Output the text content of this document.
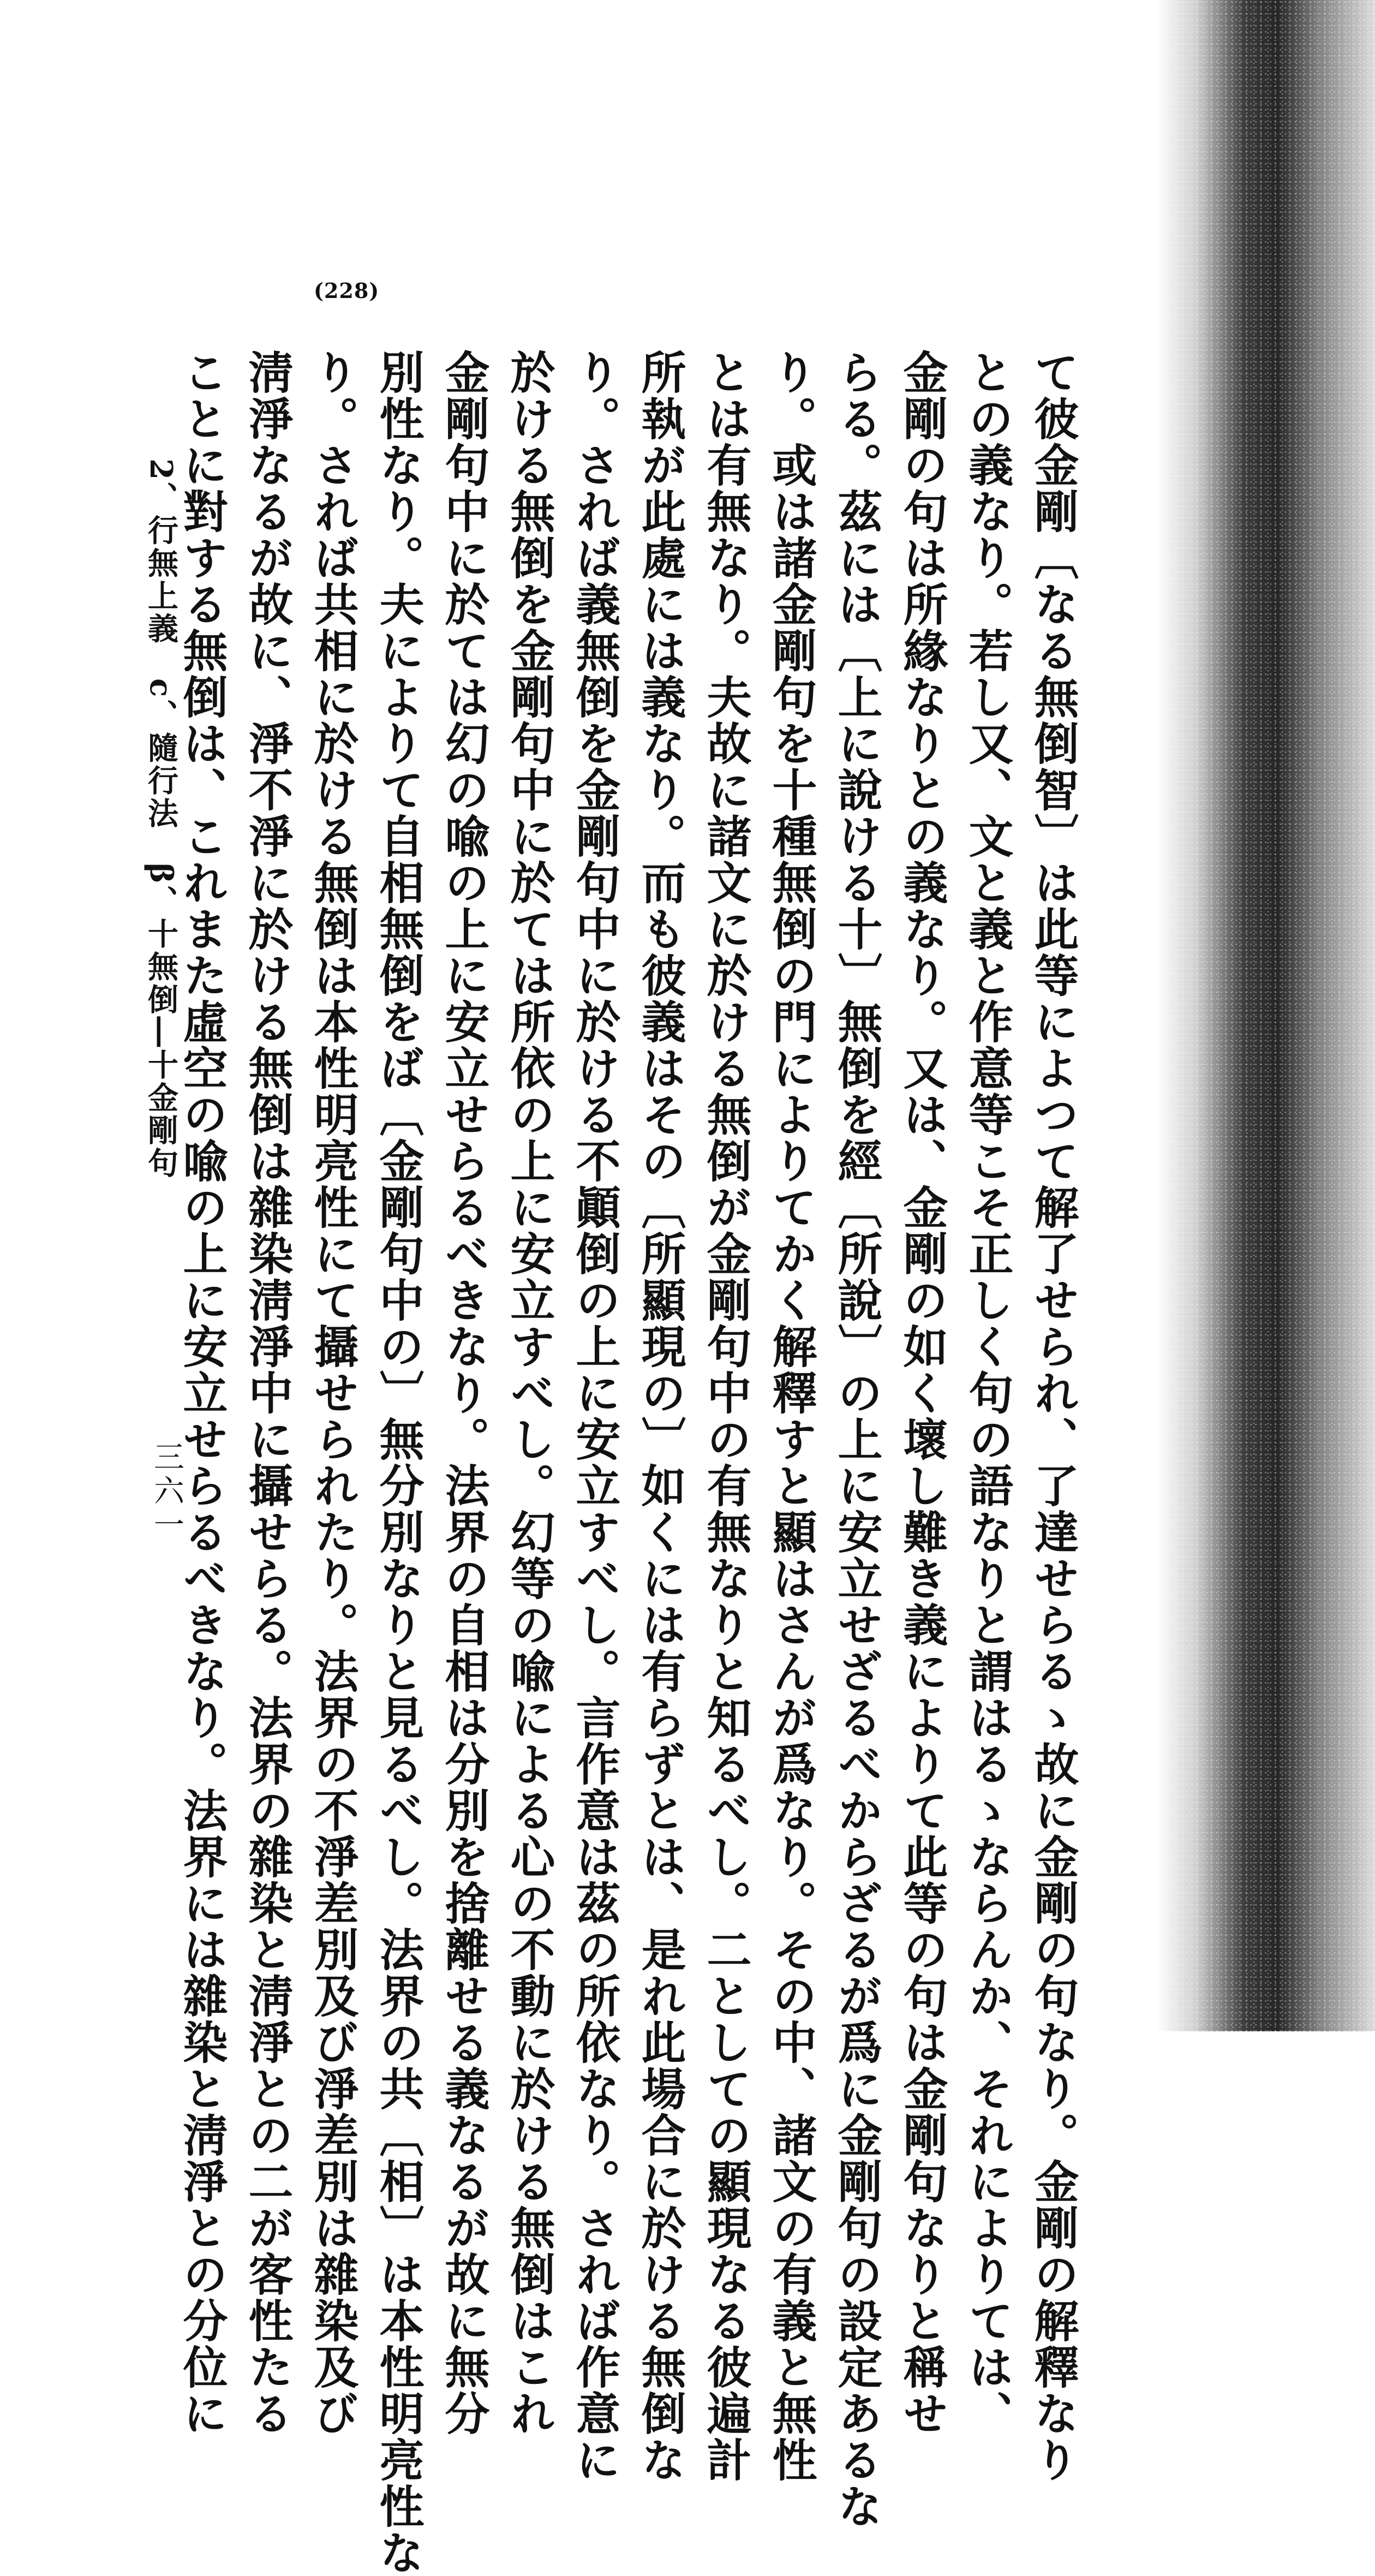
(228)
て彼金剛〔なる無倒智〕は此等によつて解了せられ、了達せらるゝ故に金剛の句なり。金剛の解釋なり
との義なり。若し又、文と義と作意等こそ正しく句の語なりと謂はるゝならんか、それによりては、
金剛の句は所緣なりとの義なり。又は、金剛の如く壞し難き義によりて此等の句は金剛句なりと稱せ
らる。茲には〔上に說ける十〕無倒を經〔所說〕の上に安立せざるべからざるが爲に金剛句の設定あるな
り。或は諸金剛句を十種無倒の門によりてかく解釋すと顯はさんが爲なり。その中、諸文の有義と無性
とは有無なり。夫故に諸文に於ける無倒が金剛句中の有無なりと知るべし。二としての顯現なる彼遍計
所執が此處には義なり。而も彼義はその〔所顯現の〕如くには有らずとは、是れ此場合に於ける無倒な
り。されば義無倒を金剛句中に於ける不顚倒の上に安立すべし。言作意は茲の所依なり。されば作意に
於ける無倒を金剛句中に於ては所依の上に安立すべし。幻等の喩による心の不動に於ける無倒はこれ
金剛句中に於ては幻の喩の上に安立せらるべきなり。法界の自相は分別を捨離せる義なるが故に無分
別性なり。夫によりて自相無倒をば〔金剛句中の〕無分別なりと見るべし。法界の共〔相〕は本性明亮性な
り。されば共相に於ける無倒は本性明亮性にて攝せられたり。法界の不淨差別及び淨差別は雜染及び
淸淨なるが故に、淨不淨に於ける無倒は雜染淸淨中に攝せらる。法界の雜染と淸淨との二が客性たる
ことに對する無倒は、これまた虛空の喩の上に安立せらるべきなり。法界には雜染と淸淨との分位に
2、行無上義　c、隨行法　β、十無倒―十金剛句
三六一
